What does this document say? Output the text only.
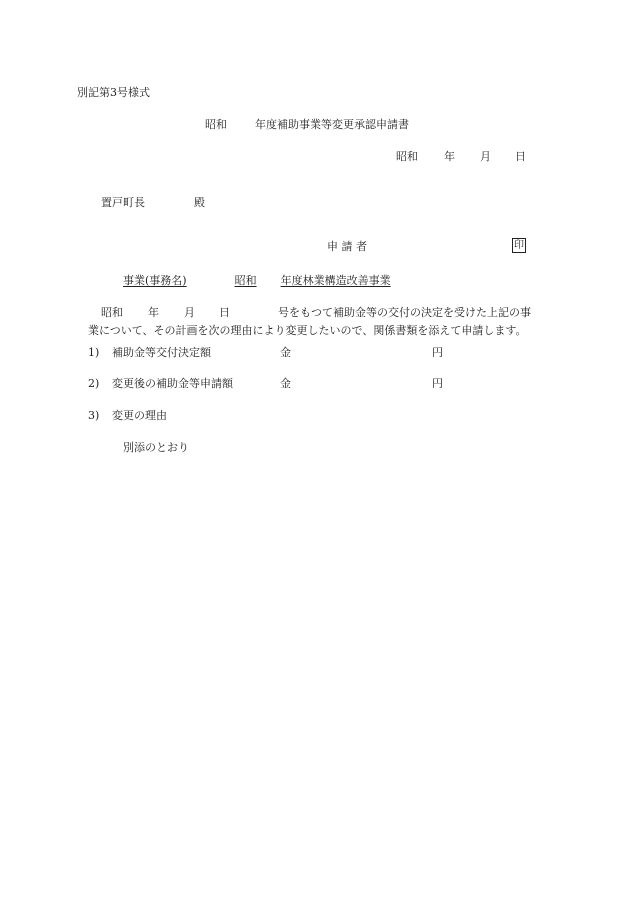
別記第3号様式
昭和	年度補助事業等変更承認申請書
昭和 年 月 日
置戸町長	殿
申 請 者	印
事業(事務名)	昭和 年度林業構造改善事業
昭和 年 月 日	号をもつて補助金等の交付の決定を受けた上記の事
業について、その計画を次の理由により変更したいので、関係書類を添えて申請します。
1) 補助金等交付決定額	金	円
2) 変更後の補助金等申請額	金	円
3) 変更の理由
別添のとおり
